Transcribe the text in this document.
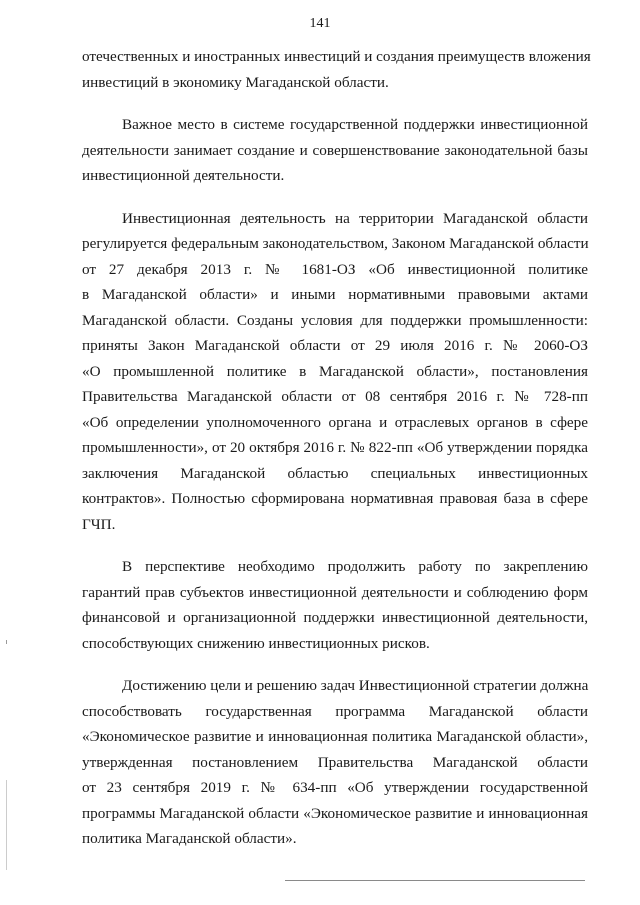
141
отечественных и иностранных инвестиций и создания преимуществ вложения
инвестиций в экономику Магаданской области.
Важное место в системе государственной поддержки инвестиционной
деятельности занимает создание и совершенствование законодательной базы
инвестиционной деятельности.
Инвестиционная деятельность на территории Магаданской области
регулируется федеральным законодательством, Законом Магаданской области
от 27 декабря 2013 г. № 1681-ОЗ «Об инвестиционной политике
в Магаданской области» и иными нормативными правовыми актами
Магаданской области. Созданы условия для поддержки промышленности:
приняты Закон Магаданской области от 29 июля 2016 г. № 2060-ОЗ
«О промышленной политике в Магаданской области», постановления
Правительства Магаданской области от 08 сентября 2016 г. № 728-пп
«Об определении уполномоченного органа и отраслевых органов в сфере
промышленности», от 20 октября 2016 г. № 822-пп «Об утверждении порядка
заключения Магаданской областью специальных инвестиционных
контрактов». Полностью сформирована нормативная правовая база в сфере
ГЧП.
В перспективе необходимо продолжить работу по закреплению
гарантий прав субъектов инвестиционной деятельности и соблюдению форм
финансовой и организационной поддержки инвестиционной деятельности,
способствующих снижению инвестиционных рисков.
Достижению цели и решению задач Инвестиционной стратегии должна
способствовать государственная программа Магаданской области
«Экономическое развитие и инновационная политика Магаданской области»,
утвержденная постановлением Правительства Магаданской области
от 23 сентября 2019 г. № 634-пп «Об утверждении государственной
программы Магаданской области «Экономическое развитие и инновационная
политика Магаданской области».
